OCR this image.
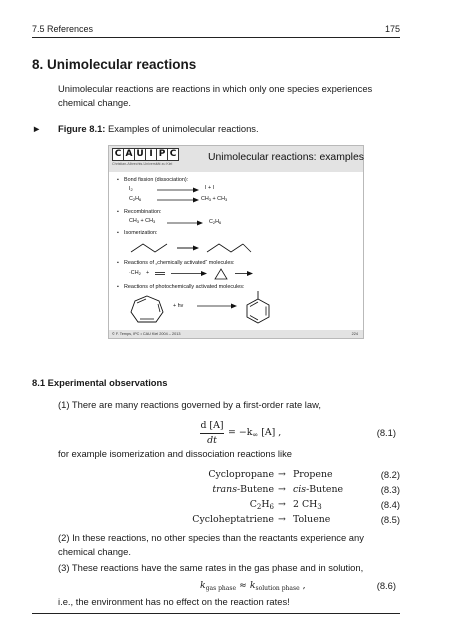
7.5 References	175
8. Unimolecular reactions
Unimolecular reactions are reactions in which only one species experiences chemical change.
► Figure 8.1: Examples of unimolecular reactions.
C A U I P C
Christian-Albrechts-Universität zu Kiel
Unimolecular reactions: examples
▪ Bond fission (dissociation):
$I_2$	I + I
$C_2H_6$	$CH_3 + CH_3$
▪ Recombination:
$CH_3 + CH_3$	$C_2H_6$
▪ Isomerization:
▪ Reactions of „chemically activated“ molecules:
$\cdot CH_2$ +
▪ Reactions of photochemically activated molecules:
+ hν
© F. Temps, IPC • CAU Kiel 2004 – 2013	224
8.1 Experimental observations
(1) There are many reactions governed by a first-order rate law,
d [A]
dt
= $-k_\infty$ [A] ,	(8.1)
for example isomerization and dissociation reactions like
Cyclopropane → Propene	(8.2)
trans-Butene → cis-Butene	(8.3)
$C_2H_6 \to 2$ $CH_3$	(8.4)
Cycloheptatriene → Toluene	(8.5)
(2) In these reactions, no other species than the reactants experience any chemical change.
(3) These reactions have the same rates in the gas phase and in solution,
$k_{gas phase} \approx k_{solution phase}$ ,	(8.6)
i.e., the environment has no effect on the reaction rates!
